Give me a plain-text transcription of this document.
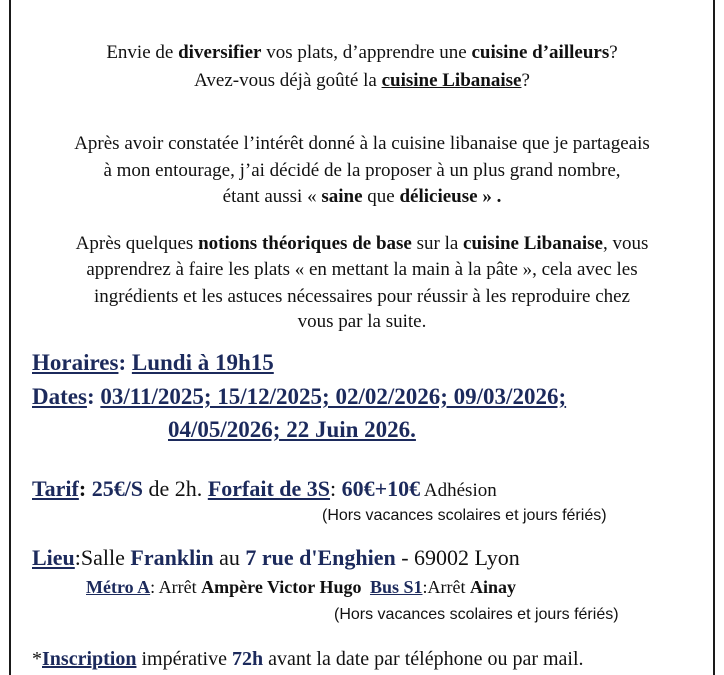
Envie de diversifier vos plats, d’apprendre une cuisine d’ailleurs?
Avez-vous déjà goûté la cuisine Libanaise?
Après avoir constatée l’intérêt donné à la cuisine libanaise que je partageais
à mon entourage, j’ai décidé de la proposer à un plus grand nombre,
étant aussi « saine que délicieuse » .
Après quelques notions théoriques de base sur la cuisine Libanaise, vous
apprendrez à faire les plats « en mettant la main à la pâte », cela avec les
ingrédients et les astuces nécessaires pour réussir à les reproduire chez
vous par la suite.
Horaires: Lundi à 19h15
Dates: 03/11/2025; 15/12/2025; 02/02/2026; 09/03/2026;
04/05/2026; 22 Juin 2026.
Tarif: 25€/S de 2h. Forfait de 3S: 60€+10€ Adhésion
(Hors vacances scolaires et jours fériés)
Lieu:Salle Franklin au 7 rue d'Enghien - 69002 Lyon
Métro A: Arrêt Ampère Victor Hugo Bus S1:Arrêt Ainay
(Hors vacances scolaires et jours fériés)
*Inscription impérative 72h avant la date par téléphone ou par mail.
